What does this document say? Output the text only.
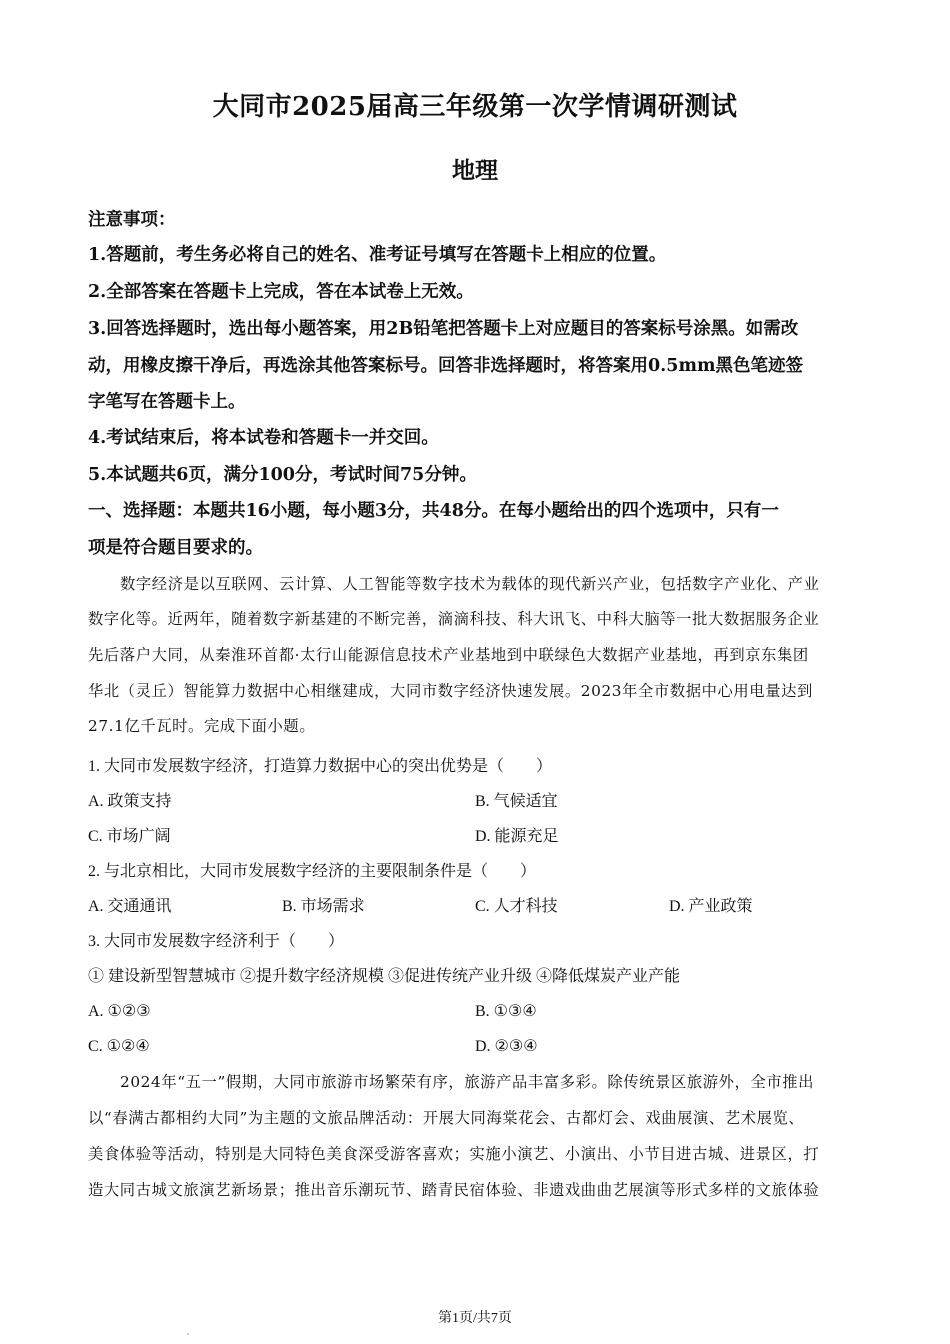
大同市2025届高三年级第一次学情调研测试
地理
注意事项：
1.答题前，考生务必将自己的姓名、准考证号填写在答题卡上相应的位置。
2.全部答案在答题卡上完成，答在本试卷上无效。
3.回答选择题时，选出每小题答案，用2B铅笔把答题卡上对应题目的答案标号涂黑。如需改
动，用橡皮擦干净后，再选涂其他答案标号。回答非选择题时，将答案用0.5mm黑色笔迹签
字笔写在答题卡上。
4.考试结束后，将本试卷和答题卡一并交回。
5.本试题共6页，满分100分，考试时间75分钟。
一、选择题：本题共16小题，每小题3分，共48分。在每小题给出的四个选项中，只有一
项是符合题目要求的。
数字经济是以互联网、云计算、人工智能等数字技术为载体的现代新兴产业，包括数字产业化、产业
数字化等。近两年，随着数字新基建的不断完善，滴滴科技、科大讯飞、中科大脑等一批大数据服务企业
先后落户大同，从秦淮环首都·太行山能源信息技术产业基地到中联绿色大数据产业基地，再到京东集团
华北（灵丘）智能算力数据中心相继建成，大同市数字经济快速发展。2023年全市数据中心用电量达到
27.1亿千瓦时。完成下面小题。
1. 大同市发展数字经济，打造算力数据中心的突出优势是（　　）
A. 政策支持	B. 气候适宜
C. 市场广阔	D. 能源充足
2. 与北京相比，大同市发展数字经济的主要限制条件是（　　）
A. 交通通讯	B. 市场需求	C. 人才科技	D. 产业政策
3. 大同市发展数字经济利于（　　）
① 建设新型智慧城市 ②提升数字经济规模 ③促进传统产业升级 ④降低煤炭产业产能
A. ①②③	B. ①③④
C. ①②④	D. ②③④
2024年“五一”假期，大同市旅游市场繁荣有序，旅游产品丰富多彩。除传统景区旅游外，全市推出
以“春满古都相约大同”为主题的文旅品牌活动：开展大同海棠花会、古都灯会、戏曲展演、艺术展览、
美食体验等活动，特别是大同特色美食深受游客喜欢；实施小演艺、小演出、小节目进古城、进景区，打
造大同古城文旅演艺新场景；推出音乐潮玩节、踏青民宿体验、非遗戏曲曲艺展演等形式多样的文旅体验
第1页/共7页
